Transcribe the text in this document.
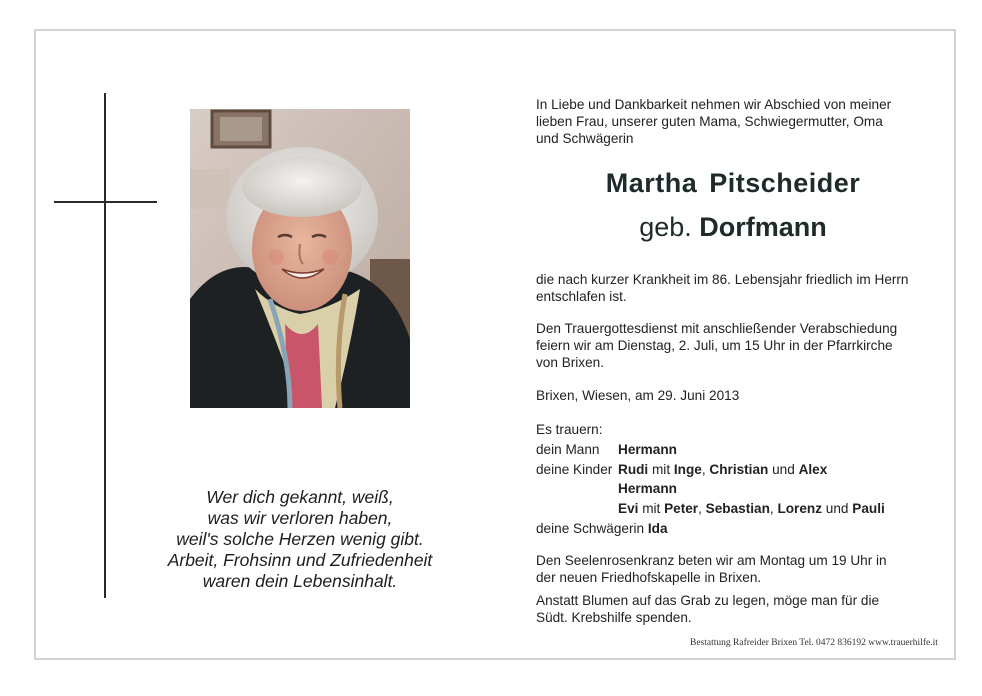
Wer dich gekannt, weiß,
was wir verloren haben,
weil's solche Herzen wenig gibt.
Arbeit, Frohsinn und Zufriedenheit
waren dein Lebensinhalt.
In Liebe und Dankbarkeit nehmen wir Abschied von meiner
lieben Frau, unserer guten Mama, Schwiegermutter, Oma
und Schwägerin
Martha Pitscheider
geb. Dorfmann
die nach kurzer Krankheit im 86. Lebensjahr friedlich im Herrn
entschlafen ist.
Den Trauergottesdienst mit anschließender Verabschiedung
feiern wir am Dienstag, 2. Juli, um 15 Uhr in der Pfarrkirche
von Brixen.
Brixen, Wiesen, am 29. Juni 2013
Es trauern:
dein Mann Hermann
deine Kinder Rudi mit Inge, Christian und Alex
Hermann
Evi mit Peter, Sebastian, Lorenz und Pauli
deine Schwägerin Ida
Den Seelenrosenkranz beten wir am Montag um 19 Uhr in
der neuen Friedhofskapelle in Brixen.
Anstatt Blumen auf das Grab zu legen, möge man für die
Südt. Krebshilfe spenden.
Bestattung Rafreider Brixen Tel. 0472 836192 www.trauerhilfe.it
